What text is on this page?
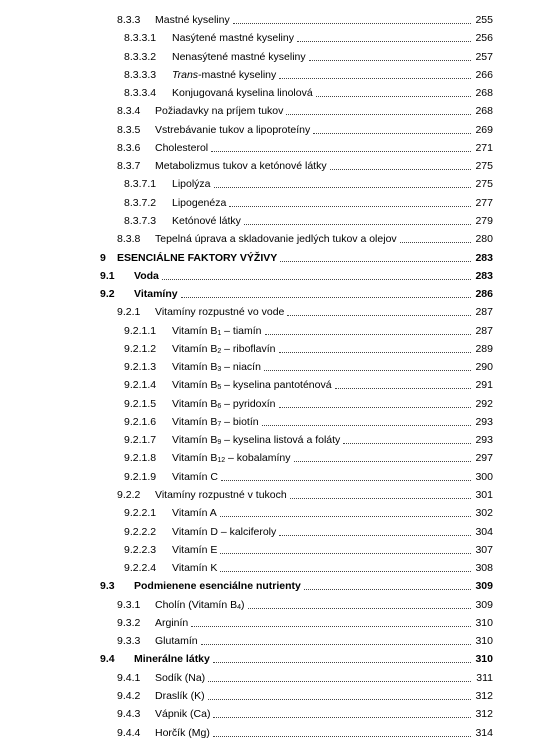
8.3.3 Mastné kyseliny	255
8.3.3.1 Nasýtené mastné kyseliny	256
8.3.3.2 Nenasýtené mastné kyseliny	257
8.3.3.3 Trans-mastné kyseliny	266
8.3.3.4 Konjugovaná kyselina linolová	268
8.3.4 Požiadavky na príjem tukov	268
8.3.5 Vstrebávanie tukov a lipoproteíny	269
8.3.6 Cholesterol	271
8.3.7 Metabolizmus tukov a ketónové látky	275
8.3.7.1 Lipolýza	275
8.3.7.2 Lipogenéza	277
8.3.7.3 Ketónové látky	279
8.3.8 Tepelná úprava a skladovanie jedlých tukov a olejov	280
9 ESENCIÁLNE FAKTORY VÝŽIVY	283
9.1 Voda	283
9.2 Vitamíny	286
9.2.1 Vitamíny rozpustné vo vode	287
9.2.1.1 Vitamín $B_1$ – tiamín	287
9.2.1.2 Vitamín $B_2$ – riboflavín	289
9.2.1.3 Vitamín $B_3$ – niacín	290
9.2.1.4 Vitamín $B_5$ – kyselina pantoténová	291
9.2.1.5 Vitamín $B_6$ – pyridoxín	292
9.2.1.6 Vitamín $B_7$ – biotín	293
9.2.1.7 Vitamín $B_9$ – kyselina listová a foláty	293
9.2.1.8 Vitamín $B_{12}$ – kobalamíny	297
9.2.1.9 Vitamín C	300
9.2.2 Vitamíny rozpustné v tukoch	301
9.2.2.1 Vitamín A	302
9.2.2.2 Vitamín D – kalciferoly	304
9.2.2.3 Vitamín E	307
9.2.2.4 Vitamín K	308
9.3 Podmienene esenciálne nutrienty	309
9.3.1 Cholín (Vitamín $B_4$)	309
9.3.2 Arginín	310
9.3.3 Glutamín	310
9.4 Minerálne látky	310
9.4.1 Sodík (Na)	311
9.4.2 Draslík (K)	312
9.4.3 Vápnik (Ca)	312
9.4.4 Horčík (Mg)	314
